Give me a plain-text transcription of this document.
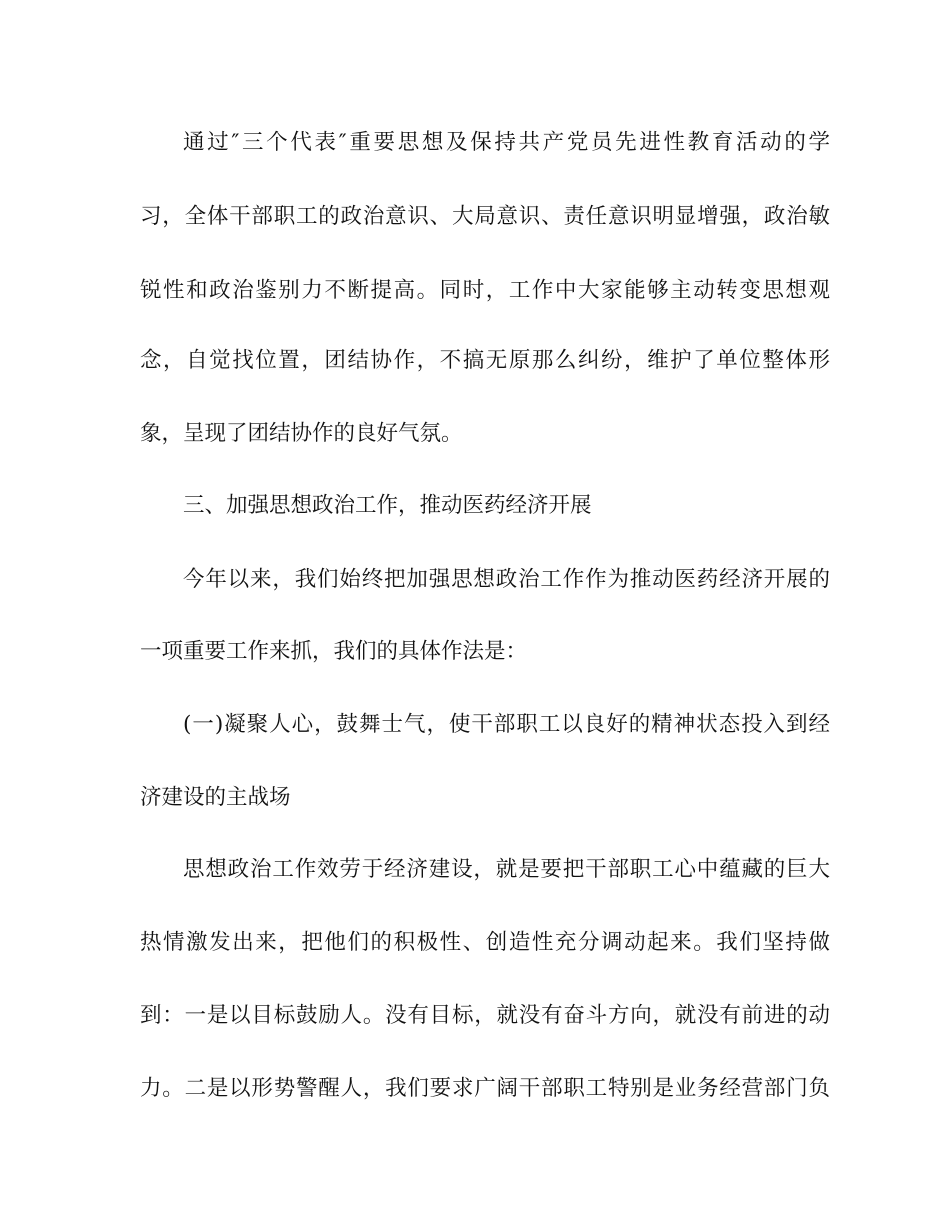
通过″三个代表″重要思想及保持共产党员先进性教育活动的学
习，全体干部职工的政治意识、大局意识、责任意识明显增强，政治敏
锐性和政治鉴别力不断提高。同时，工作中大家能够主动转变思想观
念，自觉找位置，团结协作，不搞无原那么纠纷，维护了单位整体形
象，呈现了团结协作的良好气氛。
三、加强思想政治工作，推动医药经济开展
今年以来，我们始终把加强思想政治工作作为推动医药经济开展的
一项重要工作来抓，我们的具体作法是：
(一)凝聚人心，鼓舞士气，使干部职工以良好的精神状态投入到经
济建设的主战场
思想政治工作效劳于经济建设，就是要把干部职工心中蕴藏的巨大
热情激发出来，把他们的积极性、创造性充分调动起来。我们坚持做
到：一是以目标鼓励人。没有目标，就没有奋斗方向，就没有前进的动
力。二是以形势警醒人，我们要求广阔干部职工特别是业务经营部门负
